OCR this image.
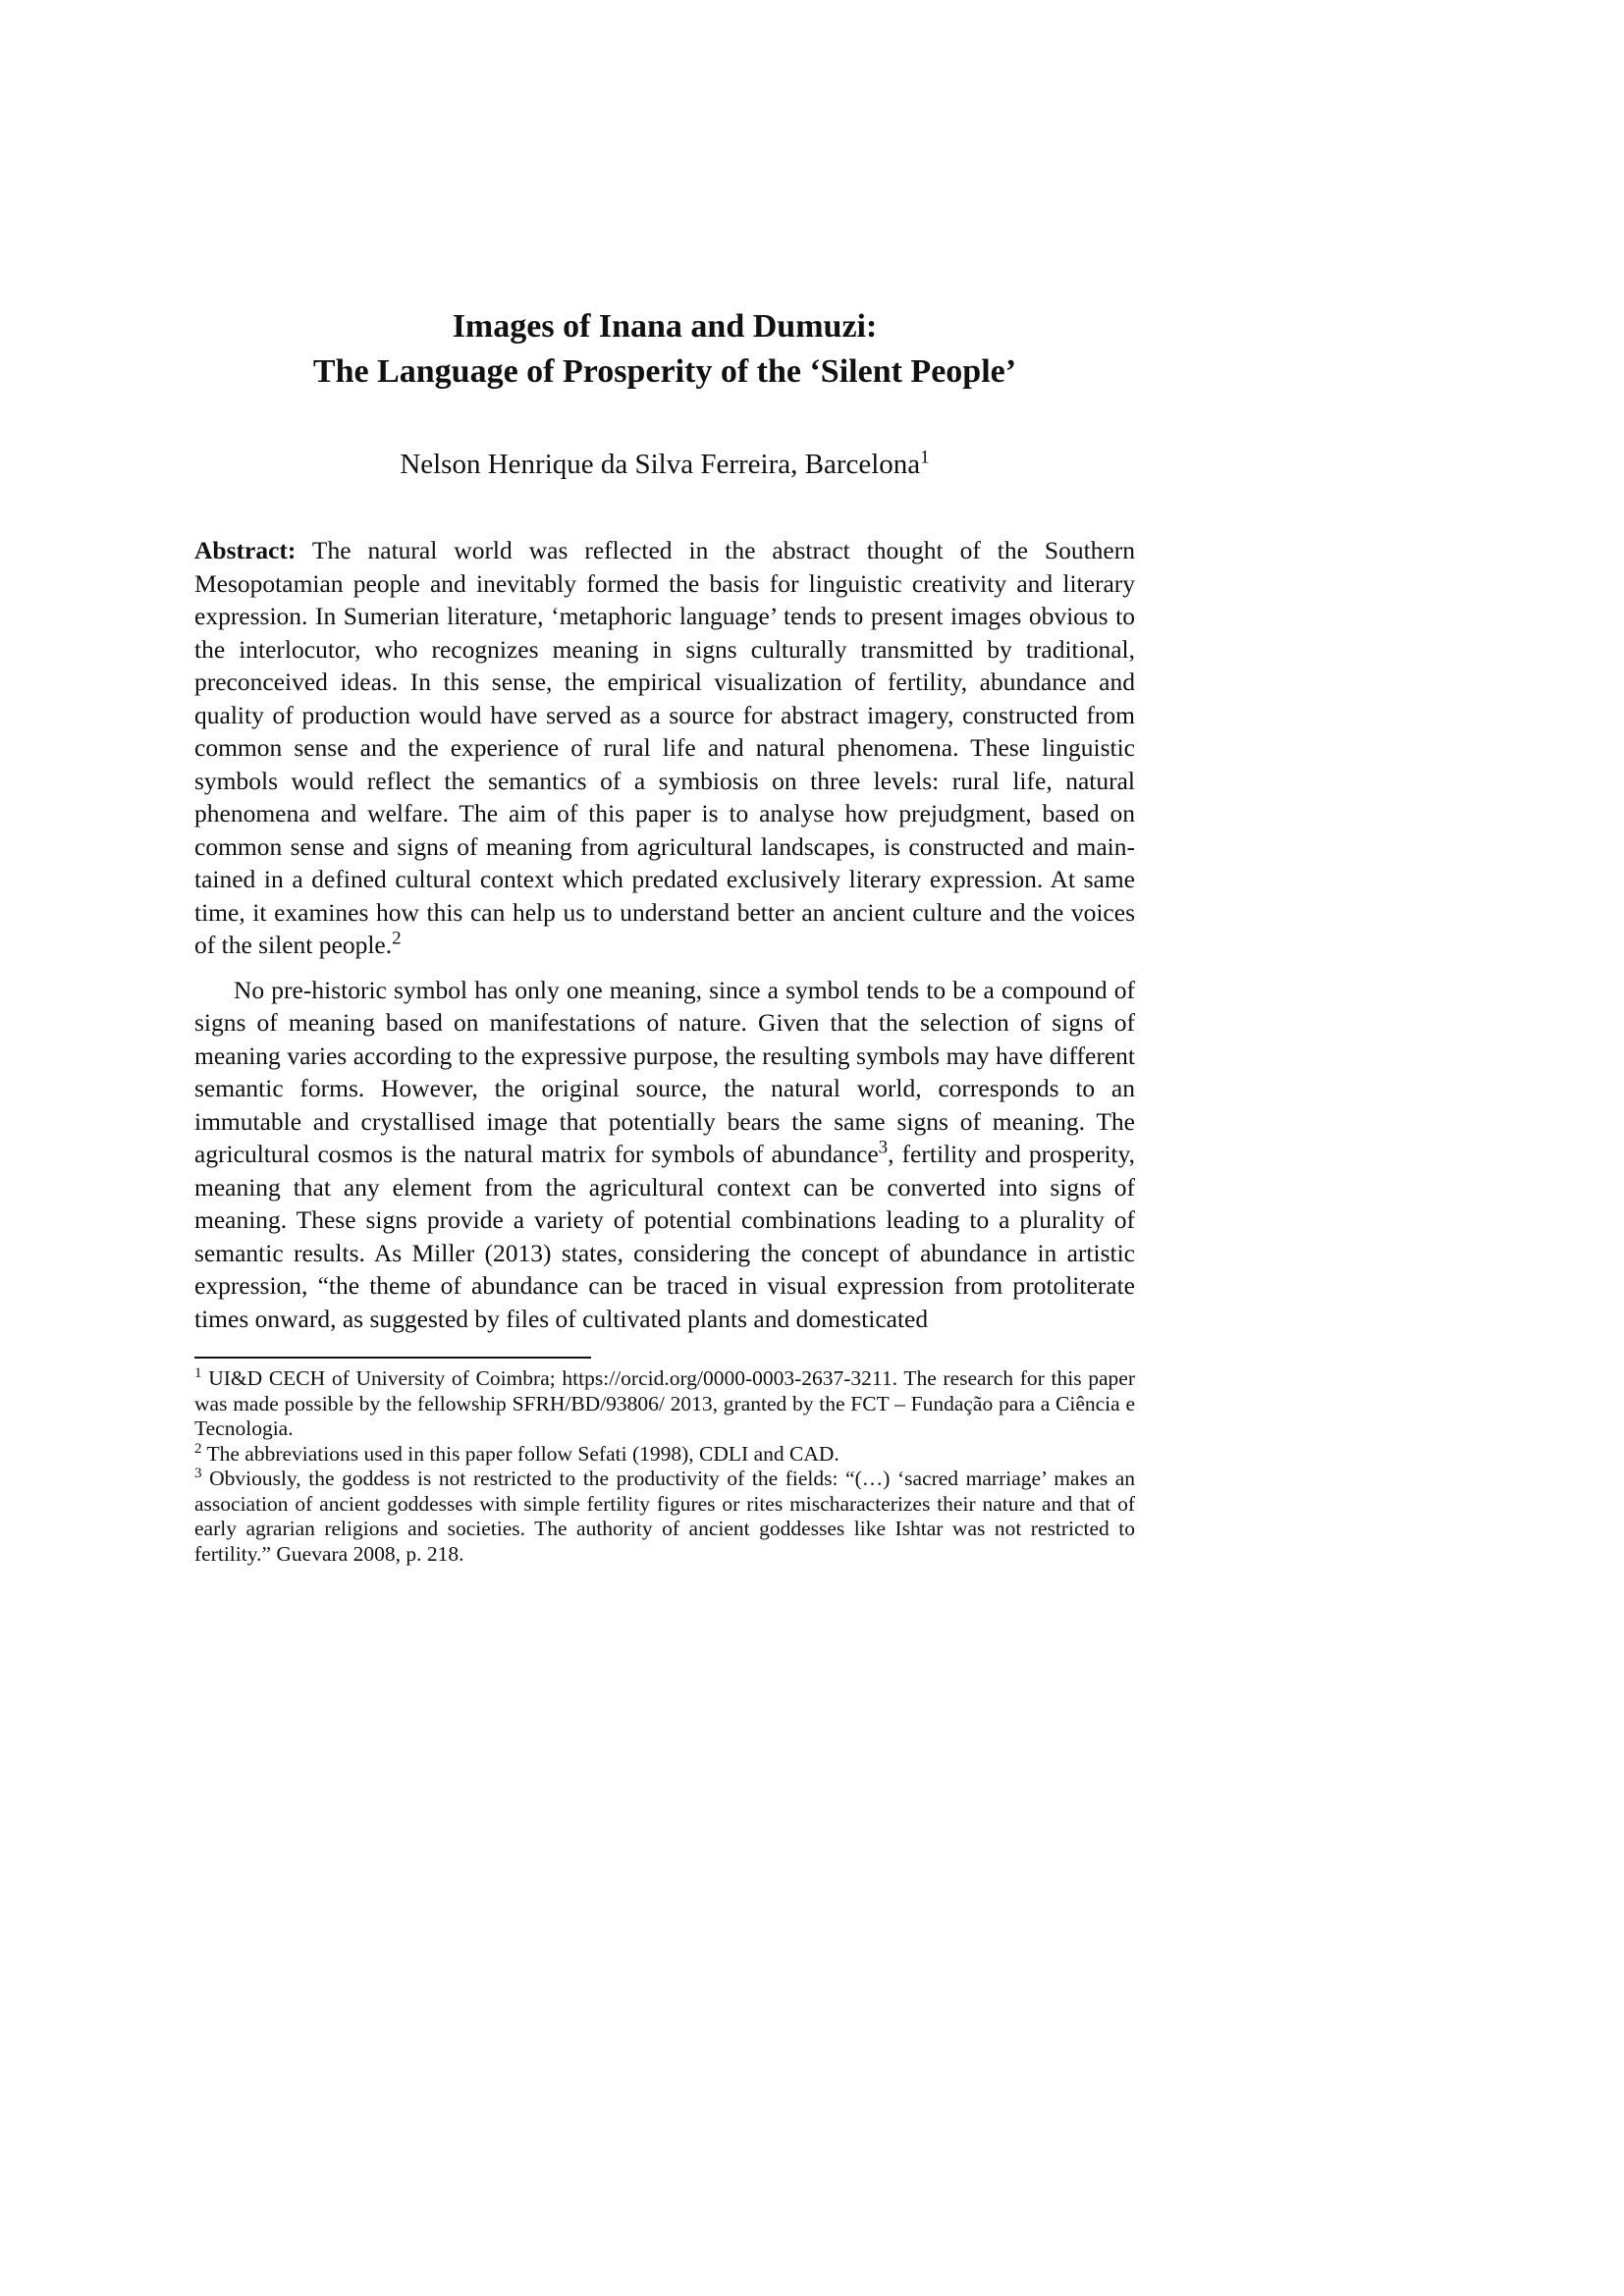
Images of Inana and Dumuzi:
The Language of Prosperity of the ‘Silent People’
Nelson Henrique da Silva Ferreira, Barcelona$^1$

Abstract: The natural world was reflected in the abstract thought of the Southern Mesopotamian people and inevitably formed the basis for linguistic creativity and literary expression. In Sumerian literature, ‘metaphoric language’ tends to present images obvious to the interlocutor, who recognizes meaning in signs culturally transmitted by traditional, preconceived ideas. In this sense, the empirical visualization of fertility, abundance and quality of production would have served as a source for abstract imagery, constructed from common sense and the experience of rural life and natural phenomena. These linguistic symbols would reflect the semantics of a symbiosis on three levels: rural life, natural phenomena and welfare. The aim of this paper is to analyse how prejudgment, based on common sense and signs of meaning from agricultural landscapes, is constructed and maintained in a defined cultural context which predated exclusively literary expression. At same time, it examines how this can help us to understand better an ancient culture and the voices of the silent people.$^2$

No pre-historic symbol has only one meaning, since a symbol tends to be a compound of signs of meaning based on manifestations of nature. Given that the selection of signs of meaning varies according to the expressive purpose, the resulting symbols may have different semantic forms. However, the original source, the natural world, corresponds to an immutable and crystallised image that potentially bears the same signs of meaning. The agricultural cosmos is the natural matrix for symbols of abundance$^3$, fertility and prosperity, meaning that any element from the agricultural context can be converted into signs of meaning. These signs provide a variety of potential combinations leading to a plurality of semantic results. As Miller (2013) states, considering the concept of abundance in artistic expression, “the theme of abundance can be traced in visual expression from protoliterate times onward, as suggested by files of cultivated plants and domesticated

$^1$ UI&D CECH of University of Coimbra; https://orcid.org/0000-0003-2637-3211. The research for this paper was made possible by the fellowship SFRH/BD/93806/ 2013, granted by the FCT – Fundação para a Ciência e Tecnologia.

$^2$ The abbreviations used in this paper follow Sefati (1998), CDLI and CAD.

$^3$ Obviously, the goddess is not restricted to the productivity of the fields: “(…) ‘sacred marriage’ makes an association of ancient goddesses with simple fertility figures or rites mischaracterizes their nature and that of early agrarian religions and societies. The authority of ancient goddesses like Ishtar was not restricted to fertility.” Guevara 2008, p. 218.
